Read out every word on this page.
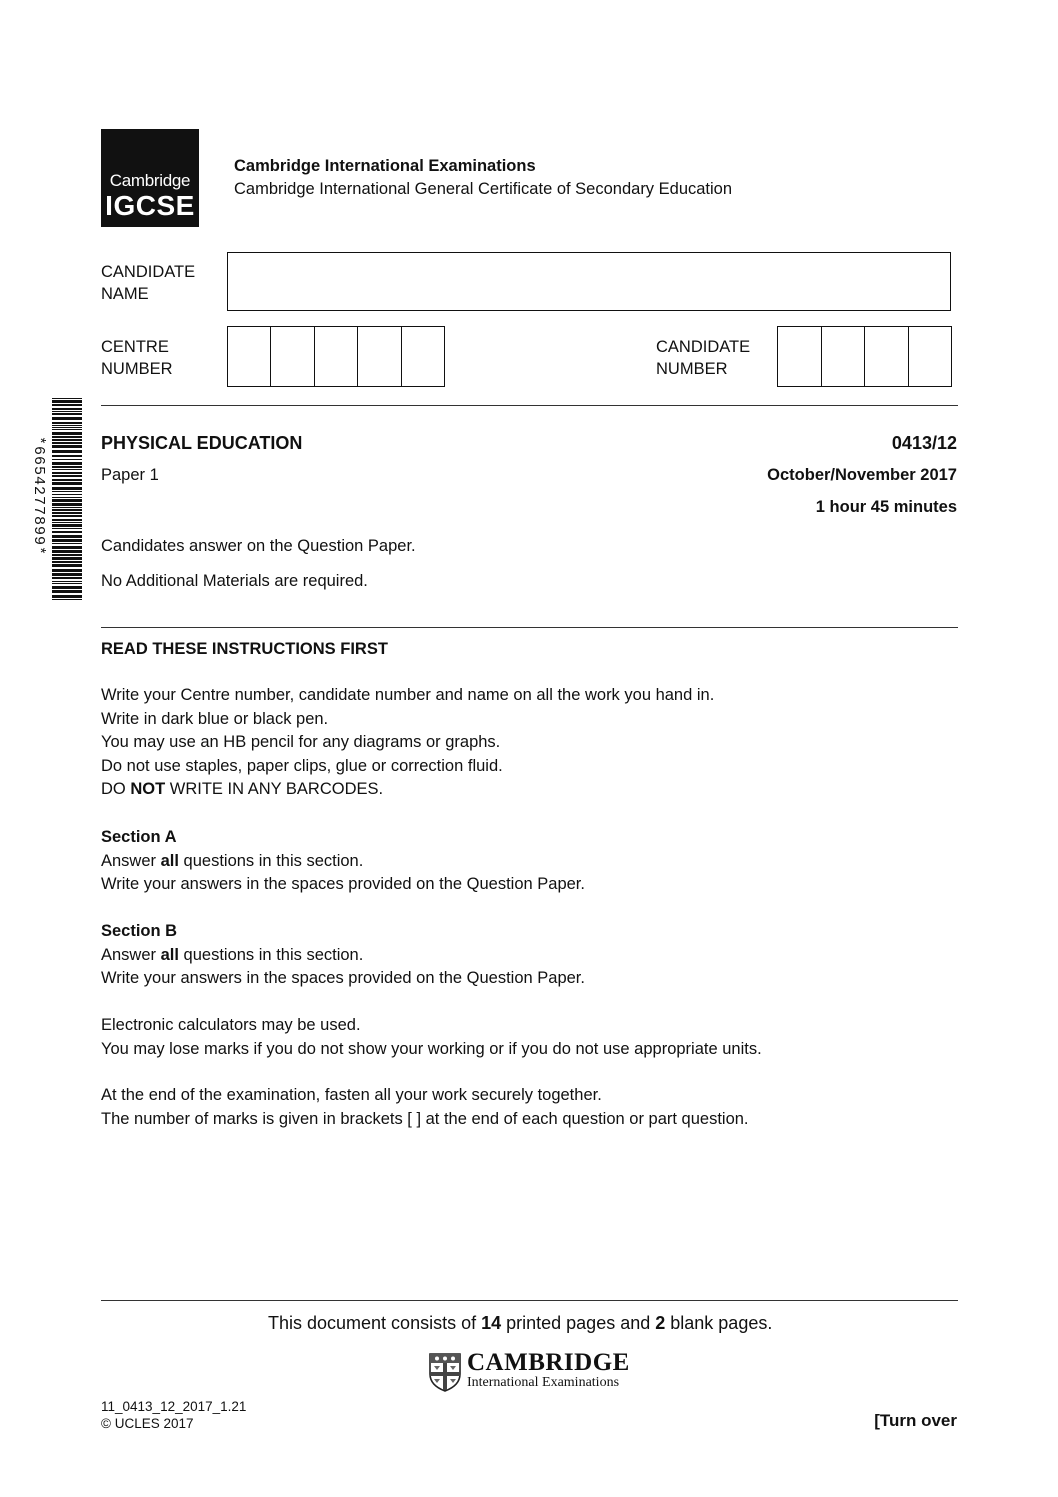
Cambridge
IGCSE
Cambridge International Examinations
Cambridge International General Certificate of Secondary Education
CANDIDATE
NAME
CENTRE
NUMBER
CANDIDATE
NUMBER
*6654277899*	PHYSICAL EDUCATION	0413/12
Paper 1	October/November 2017
1 hour 45 minutes
Candidates answer on the Question Paper.
No Additional Materials are required.
READ THESE INSTRUCTIONS FIRST
Write your Centre number, candidate number and name on all the work you hand in.
Write in dark blue or black pen.
You may use an HB pencil for any diagrams or graphs.
Do not use staples, paper clips, glue or correction fluid.
DO NOT WRITE IN ANY BARCODES.
Section A
Answer all questions in this section.
Write your answers in the spaces provided on the Question Paper.
Section B
Answer all questions in this section.
Write your answers in the spaces provided on the Question Paper.
Electronic calculators may be used.
You may lose marks if you do not show your working or if you do not use appropriate units.
At the end of the examination, fasten all your work securely together.
The number of marks is given in brackets [ ] at the end of each question or part question.
This document consists of 14 printed pages and 2 blank pages.
CAMBRIDGE
International Examinations
11_0413_12_2017_1.21
© UCLES 2017	[Turn over
